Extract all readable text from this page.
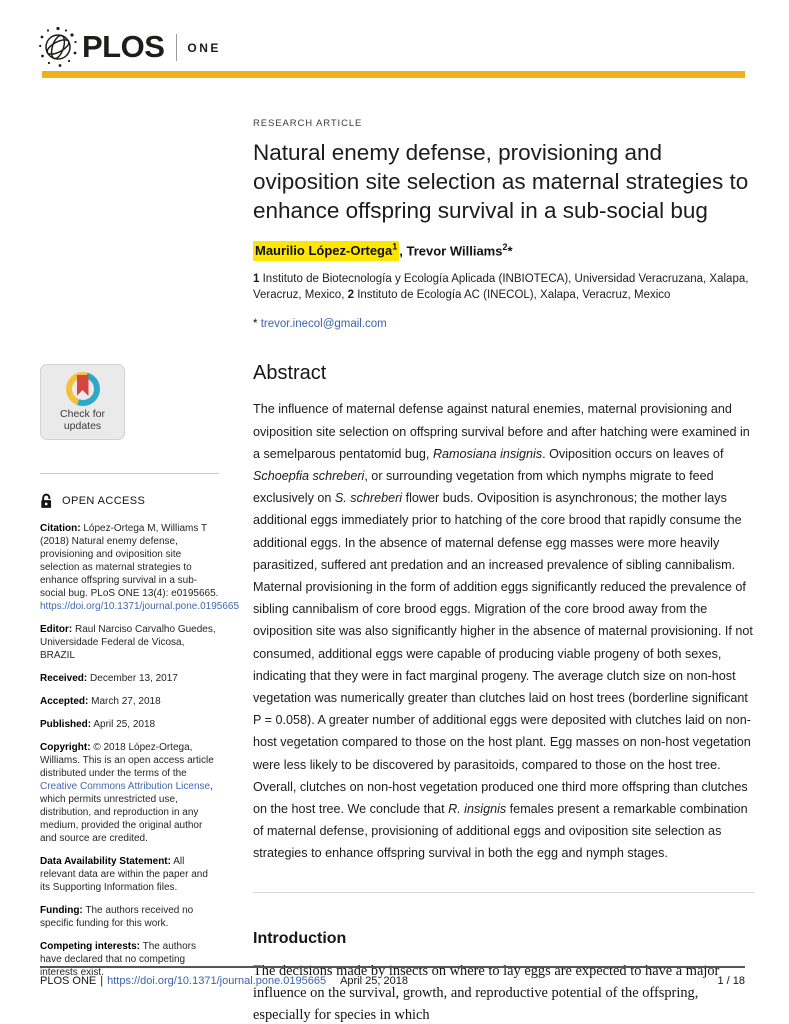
PLOS ONE
Check for
updates
OPEN ACCESS

Citation: López-Ortega M, Williams T (2018) Natural enemy defense, provisioning and oviposition site selection as maternal strategies to enhance offspring survival in a sub-social bug. PLoS ONE 13(4): e0195665. https://doi.org/10.1371/journal.pone.0195665

Editor: Raul Narciso Carvalho Guedes, Universidade Federal de Vicosa, BRAZIL

Received: December 13, 2017

Accepted: March 27, 2018

Published: April 25, 2018

Copyright: © 2018 López-Ortega, Williams. This is an open access article distributed under the terms of the Creative Commons Attribution License, which permits unrestricted use, distribution, and reproduction in any medium, provided the original author and source are credited.

Data Availability Statement: All relevant data are within the paper and its Supporting Information files.

Funding: The authors received no specific funding for this work.

Competing interests: The authors have declared that no competing interests exist.

RESEARCH ARTICLE
Natural enemy defense, provisioning and oviposition site selection as maternal strategies to enhance offspring survival in a sub-social bug

Maurilio López-Ortega$^1$ , Trevor Williams$^2$*

1 Instituto de Biotecnología y Ecología Aplicada (INBIOTECA), Universidad Veracruzana, Xalapa, Veracruz, Mexico, 2 Instituto de Ecología AC (INECOL), Xalapa, Veracruz, Mexico

* trevor.inecol@gmail.com

Abstract

The influence of maternal defense against natural enemies, maternal provisioning and oviposition site selection on offspring survival before and after hatching were examined in a semelparous pentatomid bug, Ramosiana insignis. Oviposition occurs on leaves of Schoepfia schreberi, or surrounding vegetation from which nymphs migrate to feed exclusively on S. schreberi flower buds. Oviposition is asynchronous; the mother lays additional eggs immediately prior to hatching of the core brood that rapidly consume the additional eggs. In the absence of maternal defense egg masses were more heavily parasitized, suffered ant predation and an increased prevalence of sibling cannibalism. Maternal provisioning in the form of addition eggs significantly reduced the prevalence of sibling cannibalism of core brood eggs. Migration of the core brood away from the oviposition site was also significantly higher in the absence of maternal provisioning. If not consumed, additional eggs were capable of producing viable progeny of both sexes, indicating that they were in fact marginal progeny. The average clutch size on non-host vegetation was numerically greater than clutches laid on host trees (borderline significant P = 0.058). A greater number of additional eggs were deposited with clutches laid on non-host vegetation compared to those on the host plant. Egg masses on non-host vegetation were less likely to be discovered by parasitoids, compared to those on the host tree. Overall, clutches on non-host vegetation produced one third more offspring than clutches on the host tree. We conclude that R. insignis females present a remarkable combination of maternal defense, provisioning of additional eggs and oviposition site selection as strategies to enhance offspring survival in both the egg and nymph stages.

Introduction

The decisions made by insects on where to lay eggs are expected to have a major influence on the survival, growth, and reproductive potential of the offspring, especially for species in which

PLOS ONE | https://doi.org/10.1371/journal.pone.0195665 April 25, 2018	1 / 18
